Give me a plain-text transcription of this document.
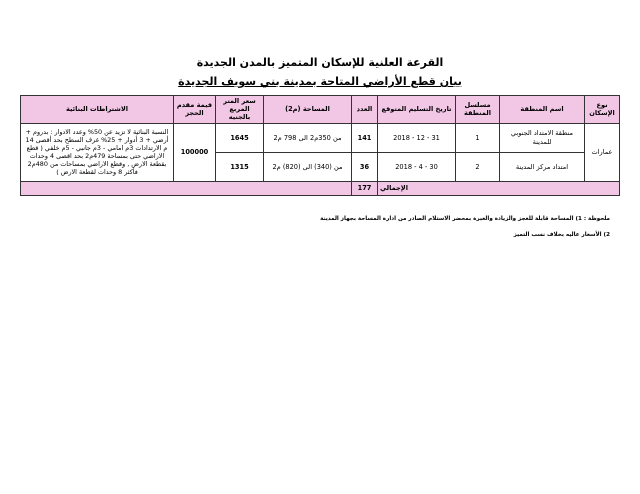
القرعة العلنية للإسكان المتميز بالمدن الجديدة
بيان قطع الأراضي المتاحة بمدينة بني سويف الجديدة
نوع الإسكان	اسم المنطقة	مسلسل المنطقة	تاريخ التسليم المتوقع	العدد	المساحة (م2)	سعر المتر المربع بالجنيه	قيمة مقدم الحجز	الاشتراطات البنائية
عمارات	منطقة الامتداد الجنوبي للمدينة	1	31 - 12 - 2018	141	من 350م2 الى 798 م2	1645	100000	النسبة البنائية لا تزيد عن 50% وعدد الادوار : بدروم + أرضي + 3 أدوار + 25% غرف السطح بحد أقصى 14 م الارتدادات 3م امامي - 3م جانبي - 5م خلفي ( قطع الاراضي حتى بمساحة 479م2 بحد اقصى 4 وحدات بقطعة الارض , وقطع الاراضي بمساحات من 480م2 فأكثر 8 وحدات لقطعة الارض )
	امتداد مركز المدينة	2	30 - 4 - 2018	36	من (340) الى (820) م2	1315		
الإجمالي				177				
ملحوظة : 1) المساحة قابلة للعجز والزيادة والعبرة بمحضر الاستلام الصادر من ادارة المساحة بجهاز المدينة
2) الأسعار عاليه بخلاف نسب التميز
